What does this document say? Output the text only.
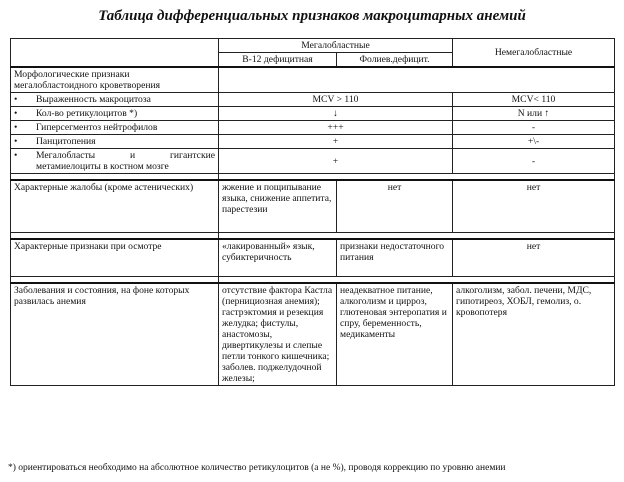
Таблица дифференциальных признаков макроцитарных анемий
	Мегалобластные		Немегалобластные
	В-12 дефицитная	Фолиев.дефицит.	
Морфологические признаки мегалобластоидного кроветворения			
• Выраженность макроцитоза	MCV > 110		MCV< 110
• Кол-во ретикулоцитов *)	↓		N или ↑
• Гиперсегментоз нейтрофилов	+++		-
• Панцитопения	+		+\-

• Мегалобласты и гигантские
метамиелоциты в костном мозге	+		-

Характерные жалобы (кроме астенических)	жжение и пощипывание языка, снижение аппетита, парестезии	нет	нет

Характерные признаки при осмотре	«лакированный» язык, субиктеричность	признаки недостаточного питания	нет

Заболевания и состояния, на фоне которых развилась анемия	отсутствие фактора Кастла (пернициозная анемия); гастрэктомия и резекция желудка; фистулы, анастомозы, дивертикулезы и слепые петли тонкого кишечника; заболев. поджелудочной железы;	неадекватное питание, алкоголизм и цирроз, глютеновая энтеропатия и спру, беременность, медикаменты	алкоголизм, забол. печени, МДС, гипотиреоз, ХОБЛ, гемолиз, о. кровопотеря
*) ориентироваться необходимо на абсолютное количество ретикулоцитов (а не %), проводя коррекцию по уровню анемии
